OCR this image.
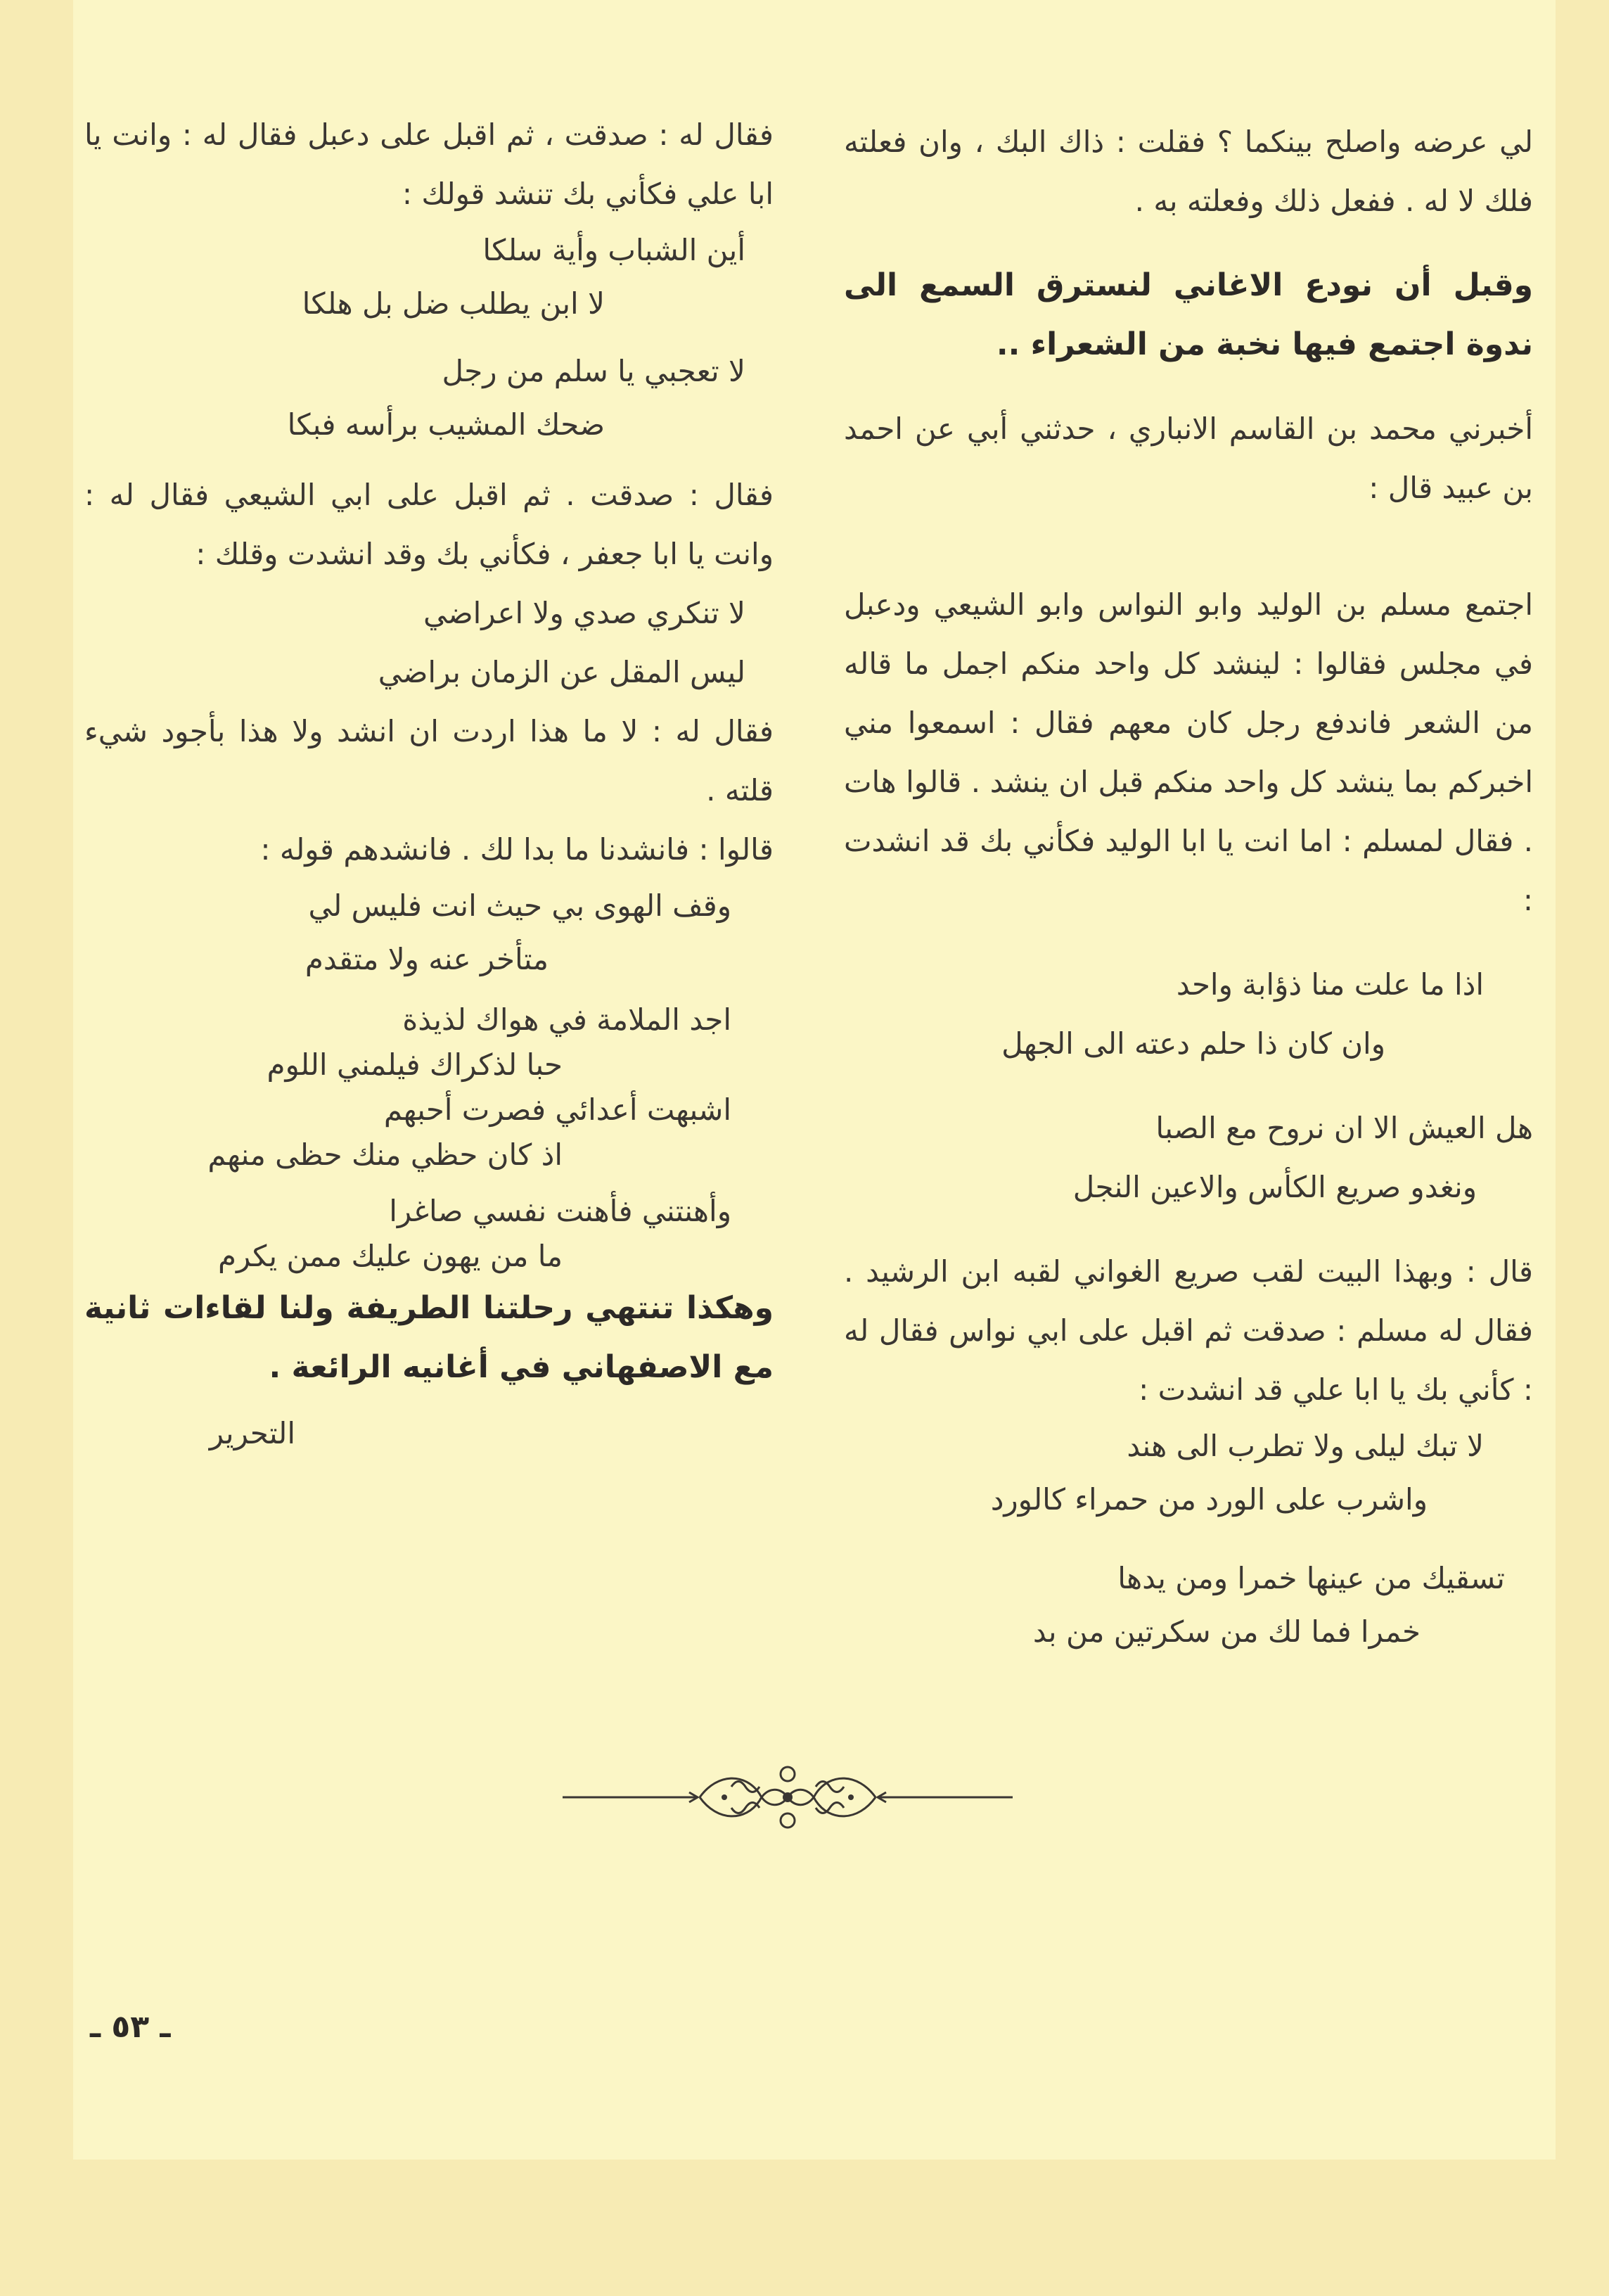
لي عرضه واصلح بينكما ؟ فقلت : ذاك البك ، وان فعلته فلك لا له . ففعل ذلك وفعلته به .

وقبل أن نودع الاغاني لنسترق السمع الى ندوة اجتمع فيها نخبة من الشعراء ..

أخبرني محمد بن القاسم الانباري ، حدثني أبي عن احمد بن عبيد قال :

اجتمع مسلم بن الوليد وابو النواس وابو الشيعي ودعبل في مجلس فقالوا : لينشد كل واحد منكم اجمل ما قاله من الشعر فاندفع رجل كان معهم فقال : اسمعوا مني اخبركم بما ينشد كل واحد منكم قبل ان ينشد . قالوا هات . فقال لمسلم : اما انت يا ابا الوليد فكأني بك قد انشدت :

اذا ما علت منا ذؤابة واحد

وان كان ذا حلم دعته الى الجهل

هل العيش الا ان نروح مع الصبا

ونغدو صريع الكأس والاعين النجل

قال : وبهذا البيت لقب صريع الغواني لقبه ابن الرشيد . فقال له مسلم : صدقت ثم اقبل على ابي نواس فقال له : كأني بك يا ابا علي قد انشدت :

لا تبك ليلى ولا تطرب الى هند

واشرب على الورد من حمراء كالورد

تسقيك من عينها خمرا ومن يدها

خمرا فما لك من سكرتين من بد

فقال له : صدقت ، ثم اقبل على دعبل فقال له : وانت يا ابا علي فكأني بك تنشد قولك :

أين الشباب وأية سلكا

لا ابن يطلب ضل بل هلكا

لا تعجبي يا سلم من رجل

ضحك المشيب برأسه فبكا

فقال : صدقت . ثم اقبل على ابي الشيعي فقال له : وانت يا ابا جعفر ، فكأني بك وقد انشدت وقلك :

لا تنكري صدي ولا اعراضي

ليس المقل عن الزمان براضي

فقال له : لا ما هذا اردت ان انشد ولا هذا بأجود شيء قلته .

قالوا : فانشدنا ما بدا لك . فانشدهم قوله :

وقف الهوى بي حيث انت فليس لي

متأخر عنه ولا متقدم

اجد الملامة في هواك لذيذة

حبا لذكراك فيلمني اللوم

اشبهت أعدائي فصرت أحبهم

اذ كان حظي منك حظى منهم

وأهنتني فأهنت نفسي صاغرا

ما من يهون عليك ممن يكرم

وهكذا تنتهي رحلتنا الطريفة ولنا لقاءات ثانية مع الاصفهاني في أغانيه الرائعة .

التحرير

ـ ٥٣ ـ
